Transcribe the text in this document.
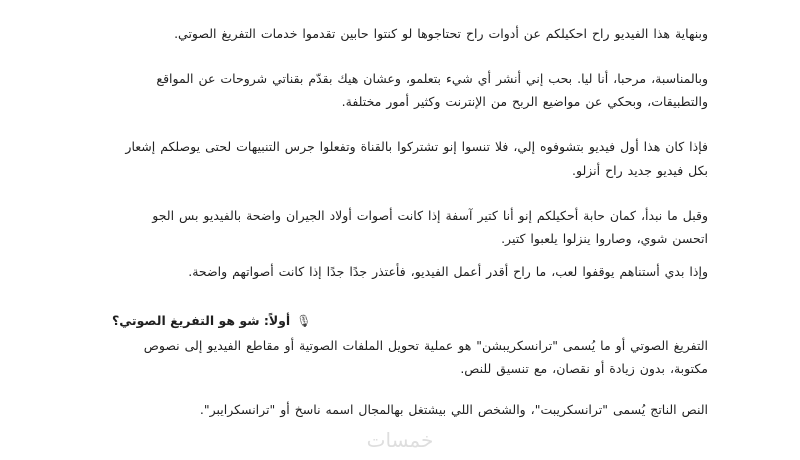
وبنهاية هذا الفيديو راح احكيلكم عن أدوات راح تحتاجوها لو كنتوا حابين تقدموا خدمات التفريغ الصوتي.

وبالمناسبة، مرحبا، أنا ليا. بحب إني أنشر أي شيء بتعلمو، وعشان هيك بقدّم بقناتي شروحات عن المواقع والتطبيقات، وبحكي عن مواضيع الربح من الإنترنت وكثير أمور مختلفة.

فإذا كان هذا أول فيديو بتشوفوه إلي، فلا تنسوا إنو تشتركوا بالقناة وتفعلوا جرس التنبيهات لحتى يوصلكم إشعار بكل فيديو جديد راح أنزلو.

وقبل ما نبدأ، كمان حابة أحكيلكم إنو أنا كتير آسفة إذا كانت أصوات أولاد الجيران واضحة بالفيديو بس الجو اتحسن شوي، وصاروا ينزلوا يلعبوا كتير.

وإذا بدي أستناهم يوقفوا لعب، ما راح أقدر أعمل الفيديو، فأعتذر جدًا جدًا إذا كانت أصواتهم واضحة.

أولاً: شو هو التفريغ الصوتي؟ 🎙

التفريغ الصوتي أو ما يُسمى "ترانسكريبشن" هو عملية تحويل الملفات الصوتية أو مقاطع الفيديو إلى نصوص مكتوبة، بدون زيادة أو نقصان، مع تنسيق للنص.

النص الناتج يُسمى "ترانسكريبت"، والشخص اللي بيشتغل بهالمجال اسمه ناسخ أو "ترانسكرايبر".

خمسات
